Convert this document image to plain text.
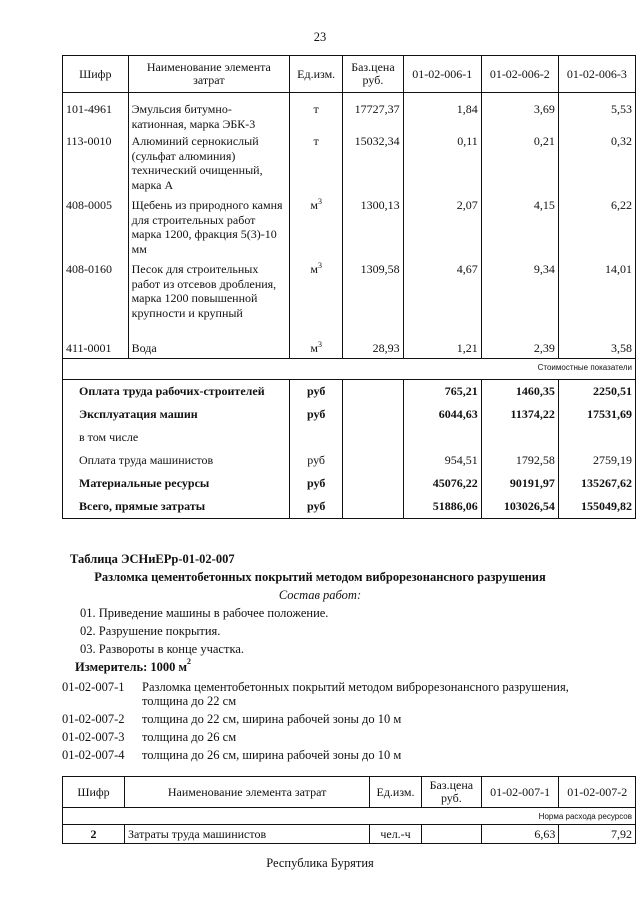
23
Шифр	Наименование элемента затрат	Ед.изм.	Баз.цена руб.	01-02-006-1	01-02-006-2	01-02-006-3

101-4961	Эмульсия битумно-катионная, марка ЭБК-3	т	17727,37	1,84	3,69	5,53
113-0010	Алюминий сернокислый (сульфат алюминия) технический очищенный, марка А	т	15032,34	0,11	0,21	0,32
408-0005	Щебень из природного камня для строительных работ марка 1200, фракция 5(3)-10 мм	$м^3$	1300,13	2,07	4,15	6,22
408-0160	Песок для строительных работ из отсевов дробления, марка 1200 повышенной крупности и крупный	$м^3$	1309,58	4,67	9,34	14,01
411-0001	Вода	$м^3$	28,93	1,21	2,39	3,58
Стоимостные показатели						
Оплата труда рабочих-строителей		руб		765,21	1460,35	2250,51
Эксплуатация машин		руб		6044,63	11374,22	17531,69
в том числе						
Оплата труда машинистов		руб		954,51	1792,58	2759,19
Материальные ресурсы		руб		45076,22	90191,97	135267,62
Всего, прямые затраты		руб		51886,06	103026,54	155049,82
Таблица ЭСНиЕРр-01-02-007
Разломка цементобетонных покрытий методом виброрезонансного разрушения
Состав работ:
01. Приведение машины в рабочее положение.
02. Разрушение покрытия.
03. Развороты в конце участка.
Измеритель: 1000 $м^2$
01-02-007-1 Разломка цементобетонных покрытий методом виброрезонансного разрушения, толщина до 22 см
01-02-007-2 толщина до 22 см, ширина рабочей зоны до 10 м
01-02-007-3 толщина до 26 см
01-02-007-4 толщина до 26 см, ширина рабочей зоны до 10 м
Шифр	Наименование элемента затрат	Ед.изм.	Баз.цена руб.	01-02-007-1	01-02-007-2
Норма расхода ресурсов					
2	Затраты труда машинистов	чел.-ч		6,63	7,92
Республика Бурятия
